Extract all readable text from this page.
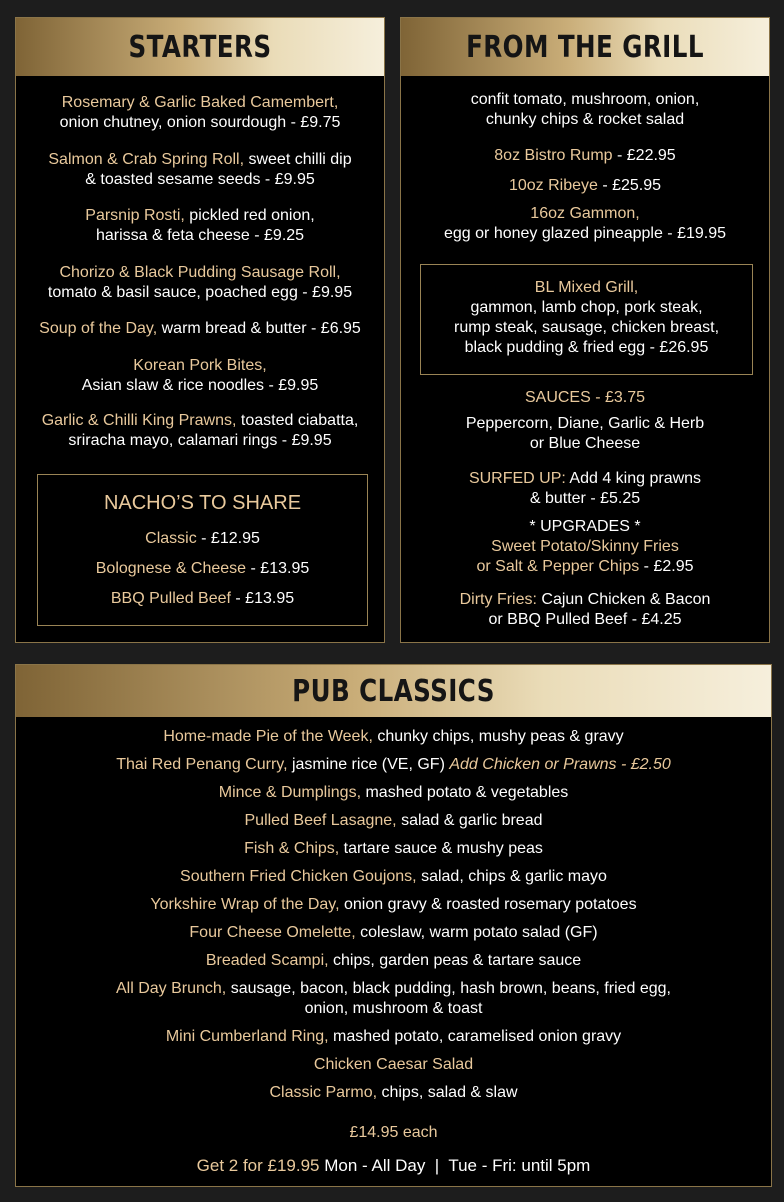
STARTERS
Rosemary & Garlic Baked Camembert,
onion chutney, onion sourdough - £9.75
Salmon & Crab Spring Roll, sweet chilli dip
& toasted sesame seeds - £9.95
Parsnip Rosti, pickled red onion,
harissa & feta cheese - £9.25
Chorizo & Black Pudding Sausage Roll,
tomato & basil sauce, poached egg - £9.95
Soup of the Day, warm bread & butter - £6.95
Korean Pork Bites,
Asian slaw & rice noodles - £9.95
Garlic & Chilli King Prawns, toasted ciabatta,
sriracha mayo, calamari rings - £9.95
NACHO’S TO SHARE
Classic - £12.95
Bolognese & Cheese - £13.95
BBQ Pulled Beef - £13.95
FROM THE GRILL
confit tomato, mushroom, onion,
chunky chips & rocket salad
8oz Bistro Rump - £22.95
10oz Ribeye - £25.95
16oz Gammon,
egg or honey glazed pineapple - £19.95
BL Mixed Grill,
gammon, lamb chop, pork steak,
rump steak, sausage, chicken breast,
black pudding & fried egg - £26.95
SAUCES - £3.75
Peppercorn, Diane, Garlic & Herb
or Blue Cheese
SURFED UP: Add 4 king prawns
& butter - £5.25
* UPGRADES *
Sweet Potato/Skinny Fries
or Salt & Pepper Chips - £2.95
Dirty Fries: Cajun Chicken & Bacon
or BBQ Pulled Beef - £4.25
PUB CLASSICS
Home-made Pie of the Week, chunky chips, mushy peas & gravy
Thai Red Penang Curry, jasmine rice (VE, GF) Add Chicken or Prawns - £2.50
Mince & Dumplings, mashed potato & vegetables
Pulled Beef Lasagne, salad & garlic bread
Fish & Chips, tartare sauce & mushy peas
Southern Fried Chicken Goujons, salad, chips & garlic mayo
Yorkshire Wrap of the Day, onion gravy & roasted rosemary potatoes
Four Cheese Omelette, coleslaw, warm potato salad (GF)
Breaded Scampi, chips, garden peas & tartare sauce
All Day Brunch, sausage, bacon, black pudding, hash brown, beans, fried egg,
onion, mushroom & toast
Mini Cumberland Ring, mashed potato, caramelised onion gravy
Chicken Caesar Salad
Classic Parmo, chips, salad & slaw
£14.95 each
Get 2 for £19.95 Mon - All Day  |  Tue - Fri: until 5pm
